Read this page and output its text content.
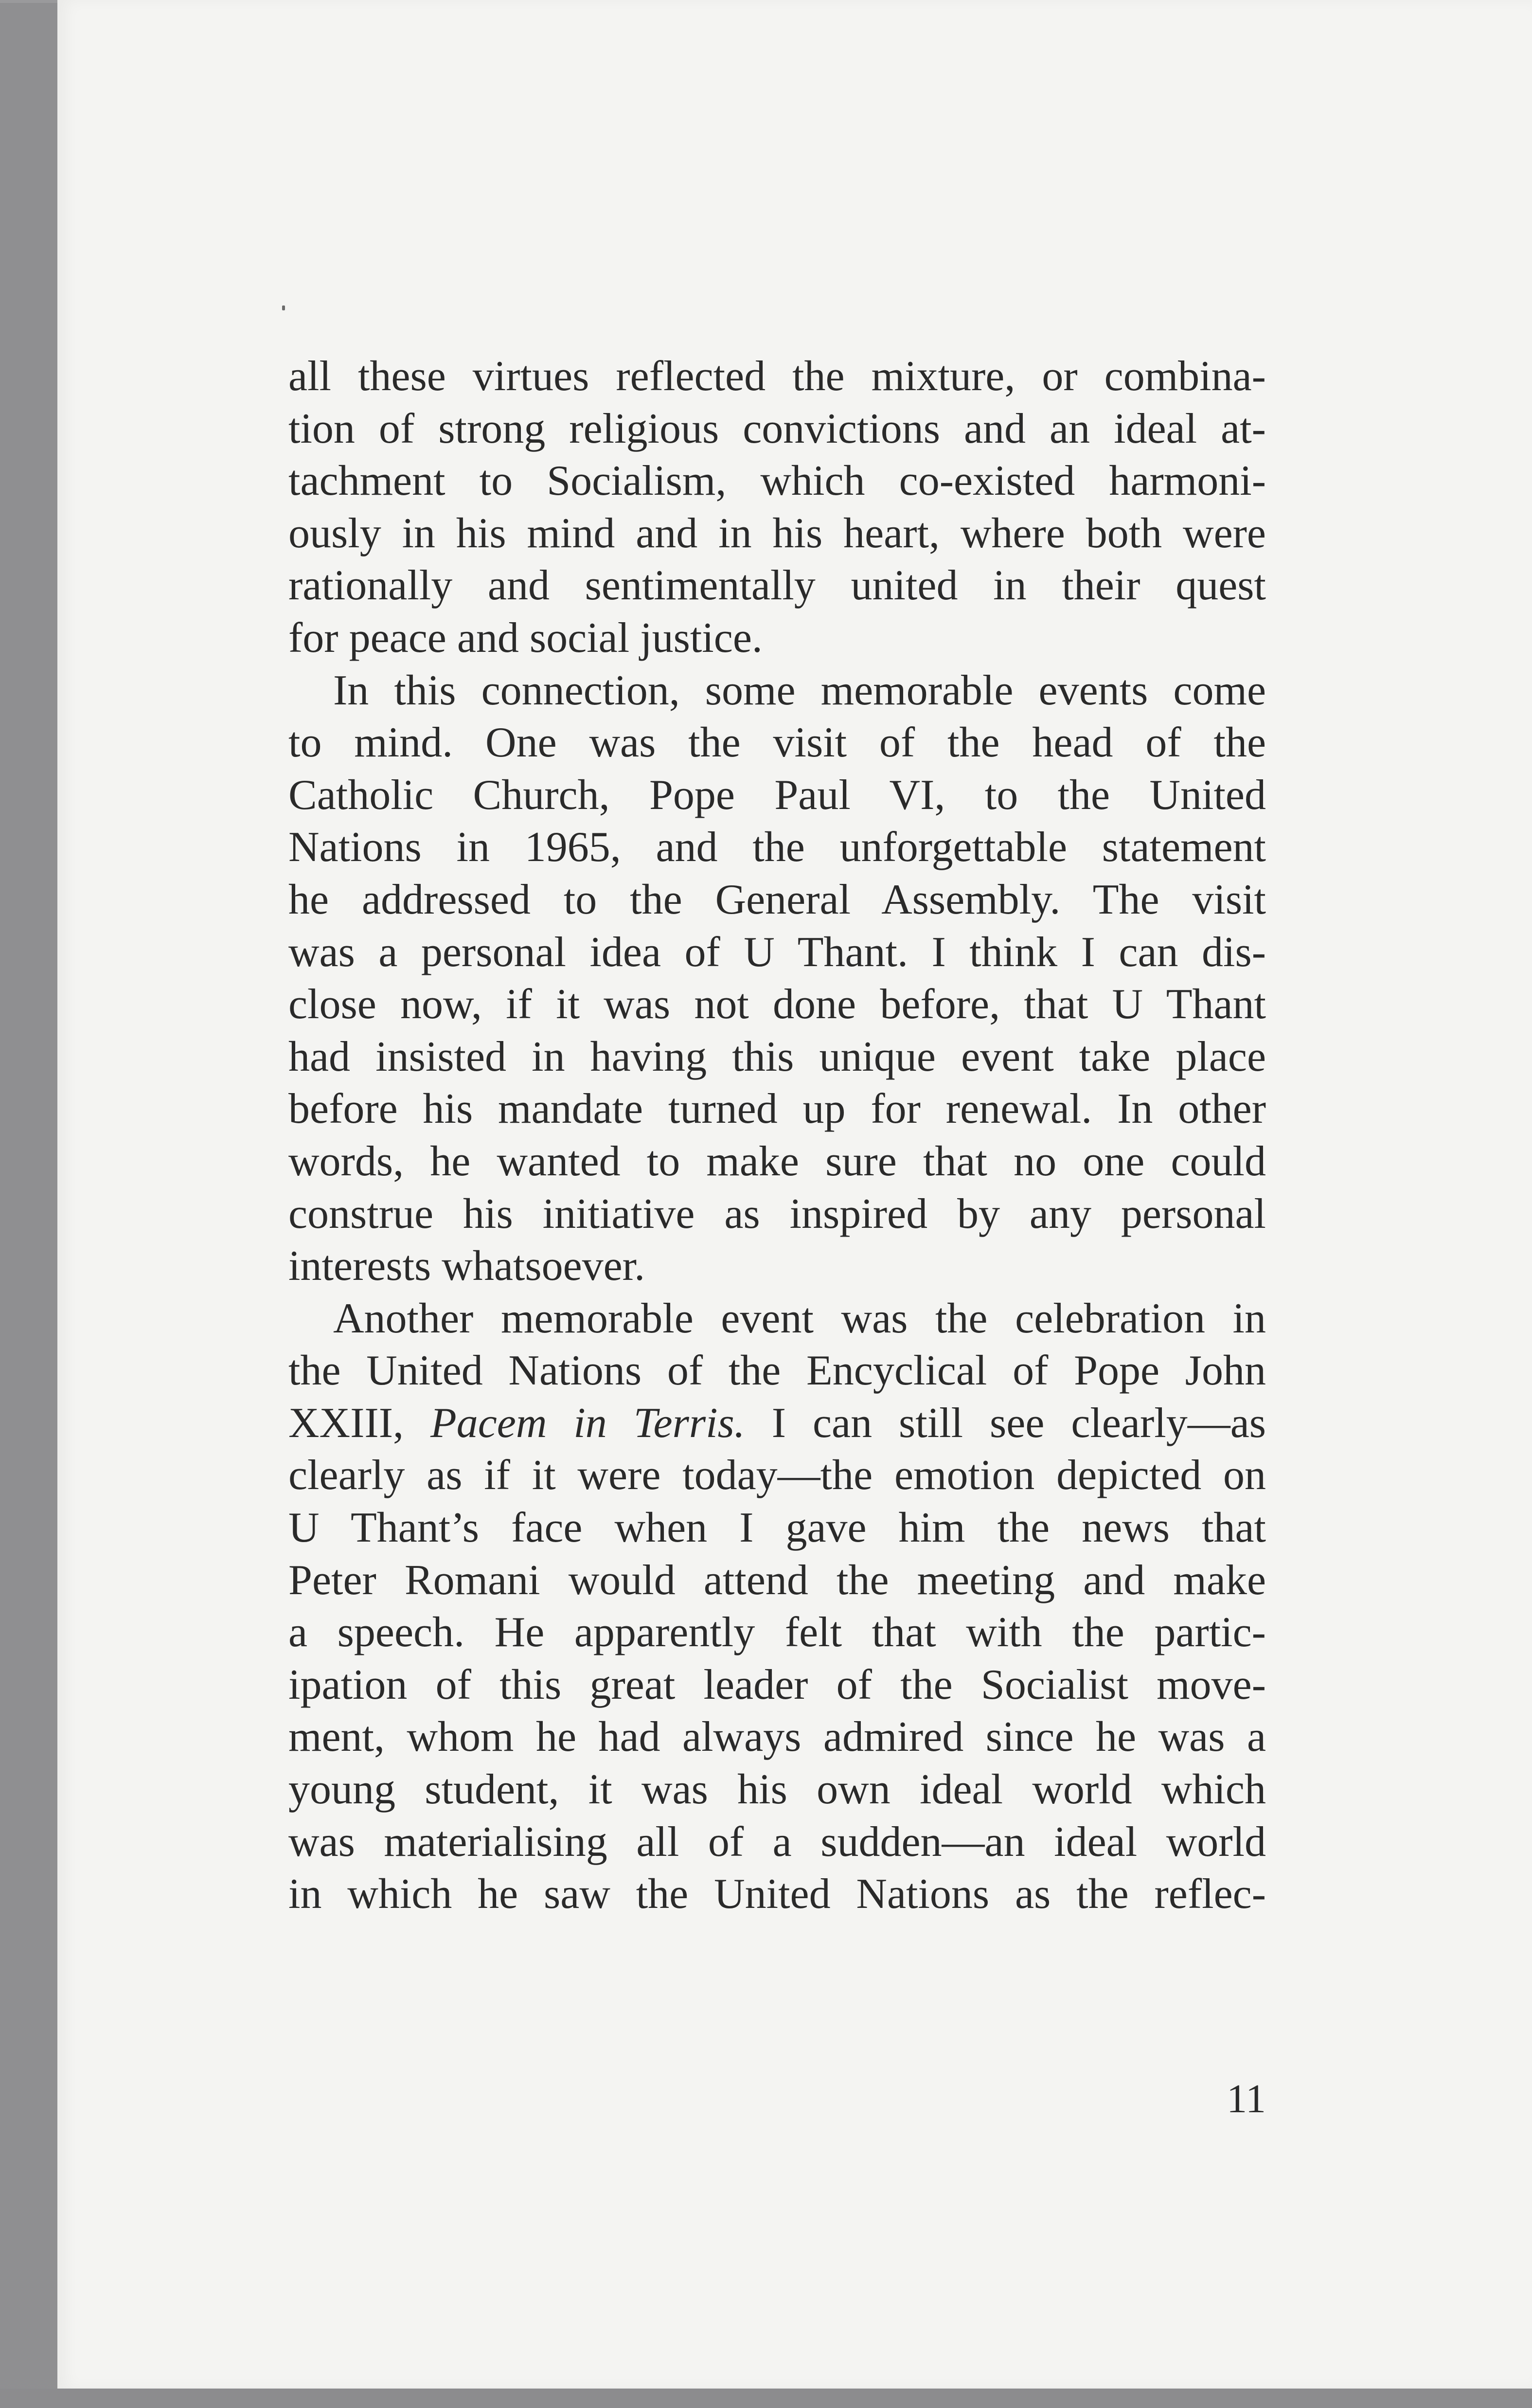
all these virtues reflected the mixture, or combina-
tion of strong religious convictions and an ideal at-
tachment to Socialism, which co-existed harmoni-
ously in his mind and in his heart, where both were
rationally and sentimentally united in their quest
for peace and social justice.
In this connection, some memorable events come
to mind. One was the visit of the head of the
Catholic Church, Pope Paul VI, to the United
Nations in 1965, and the unforgettable statement
he addressed to the General Assembly. The visit
was a personal idea of U Thant. I think I can dis-
close now, if it was not done before, that U Thant
had insisted in having this unique event take place
before his mandate turned up for renewal. In other
words, he wanted to make sure that no one could
construe his initiative as inspired by any personal
interests whatsoever.
Another memorable event was the celebration in
the United Nations of the Encyclical of Pope John
XXIII, Pacem in Terris. I can still see clearly—as
clearly as if it were today—the emotion depicted on
U Thant’s face when I gave him the news that
Peter Romani would attend the meeting and make
a speech. He apparently felt that with the partic-
ipation of this great leader of the Socialist move-
ment, whom he had always admired since he was a
young student, it was his own ideal world which
was materialising all of a sudden—an ideal world
in which he saw the United Nations as the reflec-
11
